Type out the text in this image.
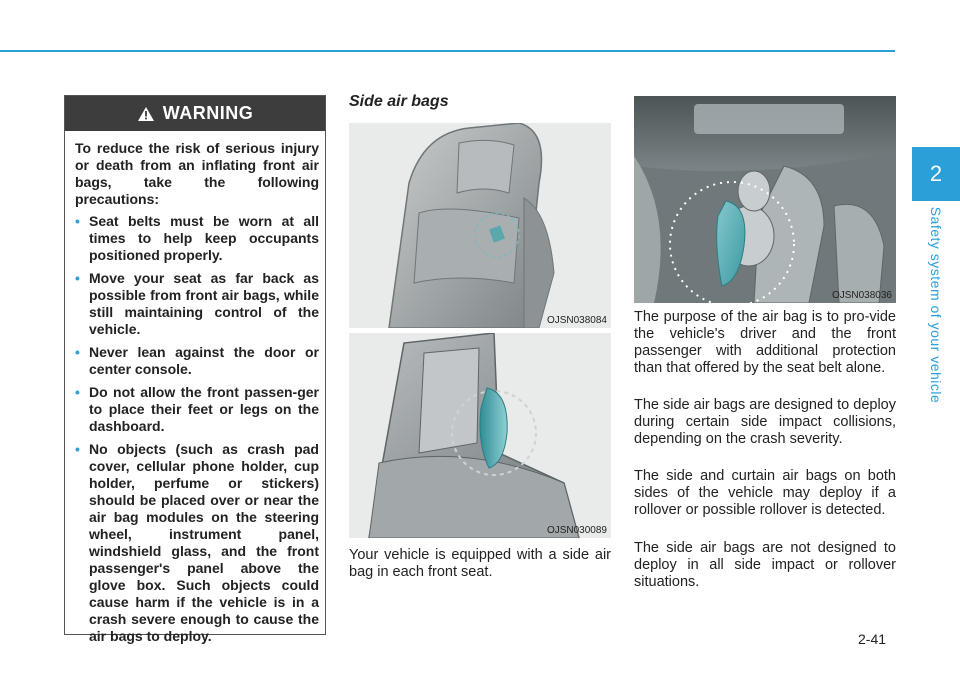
2
Safety system of your vehicle
WARNING

To reduce the risk of serious injury or death from an inflating front air bags, take the following precautions:

• Seat belts must be worn at all times to help keep occupants positioned properly.
• Move your seat as far back as possible from front air bags, while still maintaining control of the vehicle.
• Never lean against the door or center console.
• Do not allow the front passen-ger to place their feet or legs on the dashboard.
• No objects (such as crash pad cover, cellular phone holder, cup holder, perfume or stickers) should be placed over or near the air bag modules on the steering wheel, instrument panel, windshield glass, and the front passenger's panel above the glove box. Such objects could cause harm if the vehicle is in a crash severe enough to cause the air bags to deploy.
Side air bags
OJSN038084
OJSN030089
Your vehicle is equipped with a side air bag in each front seat.
OJSN038036
The purpose of the air bag is to pro-vide the vehicle's driver and the front passenger with additional protection than that offered by the seat belt alone.
The side air bags are designed to deploy during certain side impact collisions, depending on the crash severity.
The side and curtain air bags on both sides of the vehicle may deploy if a rollover or possible rollover is detected.
The side air bags are not designed to deploy in all side impact or rollover situations.
2-41
